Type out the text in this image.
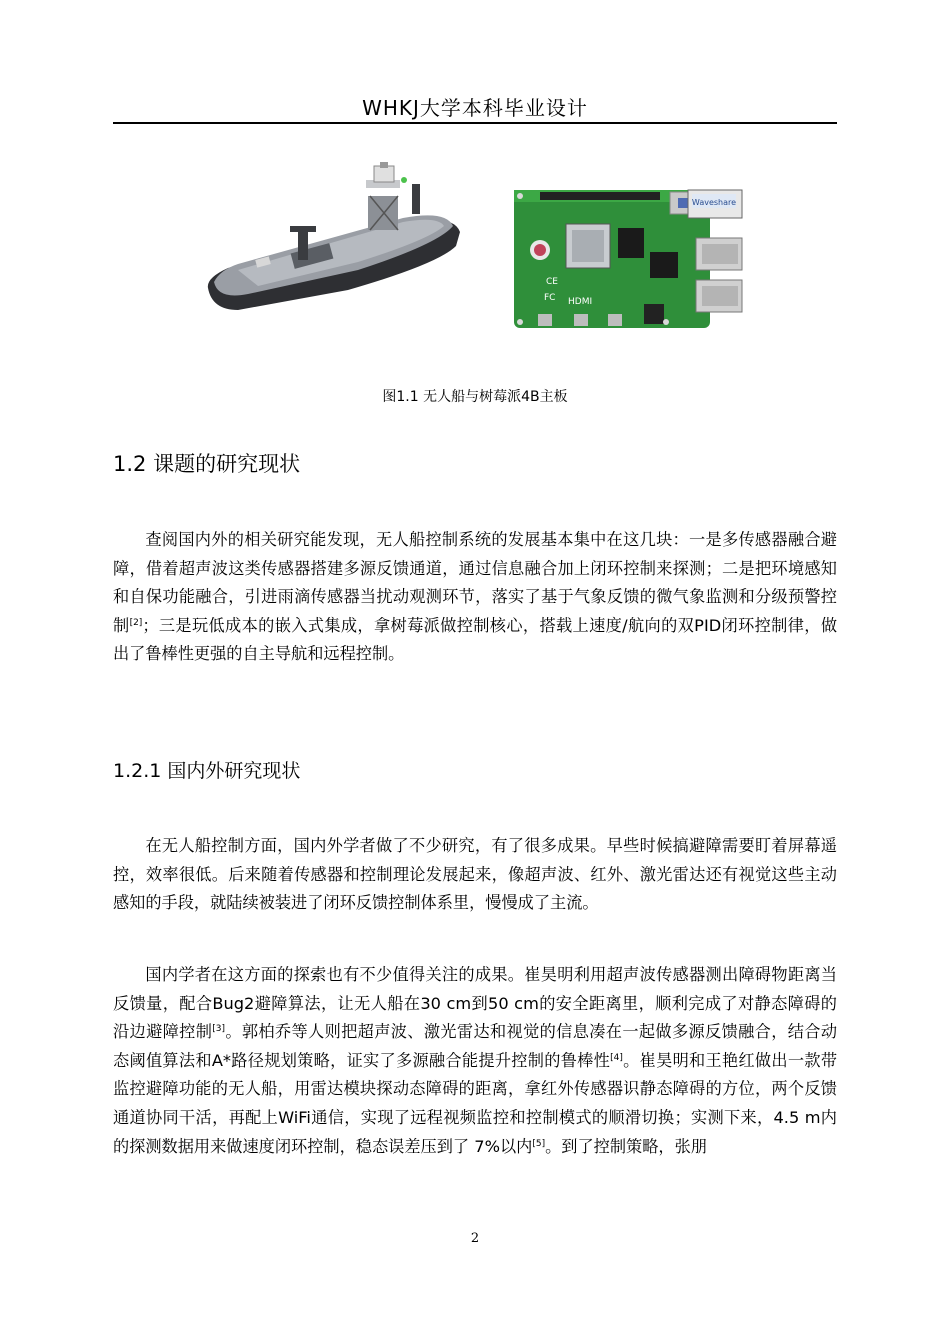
WHKJ大学本科毕业设计
Waveshare
CE
FC HDMI
图1.1 无人船与树莓派4B主板
1.2 课题的研究现状

查阅国内外的相关研究能发现，无人船控制系统的发展基本集中在这几块：一是多传感器融合避障，借着超声波这类传感器搭建多源反馈通道，通过信息融合加上闭环控制来探测；二是把环境感知和自保功能融合，引进雨滴传感器当扰动观测环节，落实了基于气象反馈的微气象监测和分级预警控制[2]；三是玩低成本的嵌入式集成，拿树莓派做控制核心，搭载上速度/航向的双PID闭环控制律，做出了鲁棒性更强的自主导航和远程控制。

1.2.1 国内外研究现状

在无人船控制方面，国内外学者做了不少研究，有了很多成果。早些时候搞避障需要盯着屏幕遥控，效率很低。后来随着传感器和控制理论发展起来，像超声波、红外、激光雷达还有视觉这些主动感知的手段，就陆续被装进了闭环反馈控制体系里，慢慢成了主流。

国内学者在这方面的探索也有不少值得关注的成果。崔昊明利用超声波传感器测出障碍物距离当反馈量，配合Bug2避障算法，让无人船在30 cm到50 cm的安全距离里，顺利完成了对静态障碍的沿边避障控制[3]。郭柏乔等人则把超声波、激光雷达和视觉的信息凑在一起做多源反馈融合，结合动态阈值算法和A*路径规划策略，证实了多源融合能提升控制的鲁棒性[4]。崔昊明和王艳红做出一款带监控避障功能的无人船，用雷达模块探动态障碍的距离，拿红外传感器识静态障碍的方位，两个反馈通道协同干活，再配上WiFi通信，实现了远程视频监控和控制模式的顺滑切换；实测下来，4.5 m内的探测数据用来做速度闭环控制，稳态误差压到了 7%以内[5]。到了控制策略，张朋

2
